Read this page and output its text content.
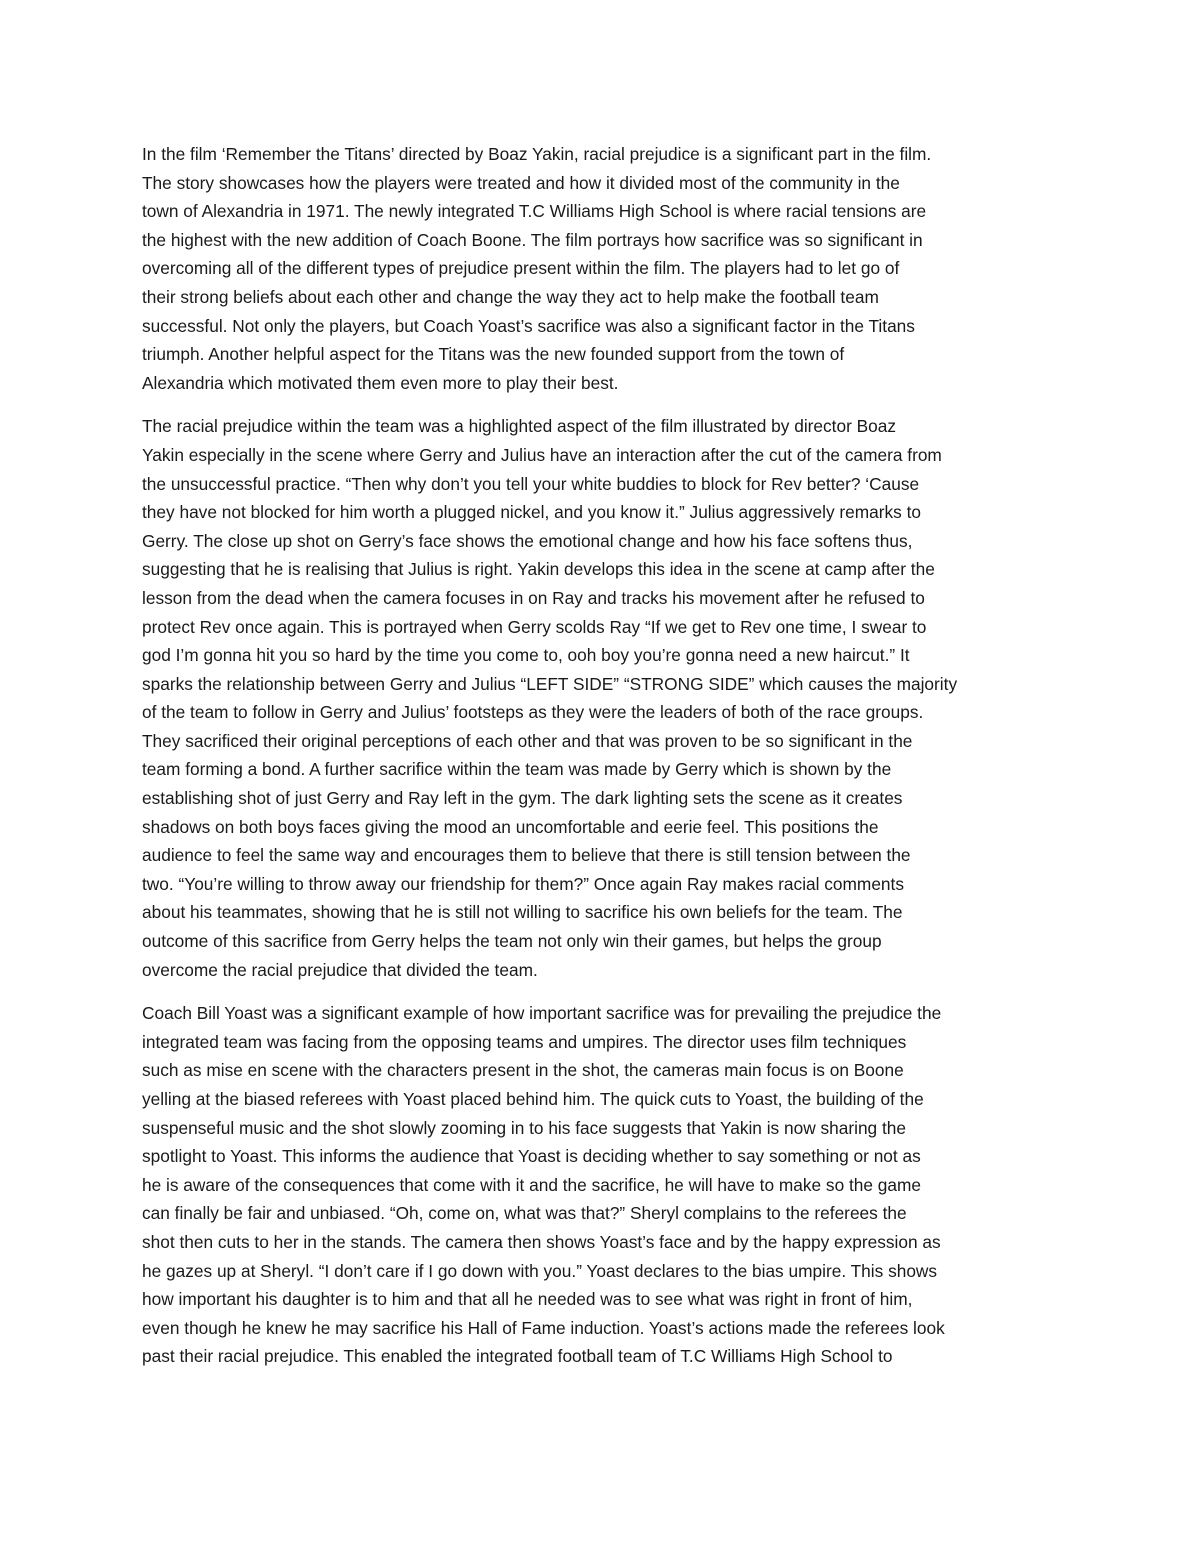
In the film ‘Remember the Titans’ directed by Boaz Yakin, racial prejudice is a significant part in the film.
The story showcases how the players were treated and how it divided most of the community in the
town of Alexandria in 1971. The newly integrated T.C Williams High School is where racial tensions are
the highest with the new addition of Coach Boone. The film portrays how sacrifice was so significant in
overcoming all of the different types of prejudice present within the film. The players had to let go of
their strong beliefs about each other and change the way they act to help make the football team
successful. Not only the players, but Coach Yoast’s sacrifice was also a significant factor in the Titans
triumph. Another helpful aspect for the Titans was the new founded support from the town of
Alexandria which motivated them even more to play their best.

The racial prejudice within the team was a highlighted aspect of the film illustrated by director Boaz
Yakin especially in the scene where Gerry and Julius have an interaction after the cut of the camera from
the unsuccessful practice. “Then why don’t you tell your white buddies to block for Rev better? ‘Cause
they have not blocked for him worth a plugged nickel, and you know it.” Julius aggressively remarks to
Gerry. The close up shot on Gerry’s face shows the emotional change and how his face softens thus,
suggesting that he is realising that Julius is right. Yakin develops this idea in the scene at camp after the
lesson from the dead when the camera focuses in on Ray and tracks his movement after he refused to
protect Rev once again. This is portrayed when Gerry scolds Ray “If we get to Rev one time, I swear to
god I’m gonna hit you so hard by the time you come to, ooh boy you’re gonna need a new haircut.” It
sparks the relationship between Gerry and Julius “LEFT SIDE” “STRONG SIDE” which causes the majority
of the team to follow in Gerry and Julius’ footsteps as they were the leaders of both of the race groups.
They sacrificed their original perceptions of each other and that was proven to be so significant in the
team forming a bond. A further sacrifice within the team was made by Gerry which is shown by the
establishing shot of just Gerry and Ray left in the gym. The dark lighting sets the scene as it creates
shadows on both boys faces giving the mood an uncomfortable and eerie feel. This positions the
audience to feel the same way and encourages them to believe that there is still tension between the
two. “You’re willing to throw away our friendship for them?” Once again Ray makes racial comments
about his teammates, showing that he is still not willing to sacrifice his own beliefs for the team. The
outcome of this sacrifice from Gerry helps the team not only win their games, but helps the group
overcome the racial prejudice that divided the team.

Coach Bill Yoast was a significant example of how important sacrifice was for prevailing the prejudice the
integrated team was facing from the opposing teams and umpires. The director uses film techniques
such as mise en scene with the characters present in the shot, the cameras main focus is on Boone
yelling at the biased referees with Yoast placed behind him. The quick cuts to Yoast, the building of the
suspenseful music and the shot slowly zooming in to his face suggests that Yakin is now sharing the
spotlight to Yoast. This informs the audience that Yoast is deciding whether to say something or not as
he is aware of the consequences that come with it and the sacrifice, he will have to make so the game
can finally be fair and unbiased. “Oh, come on, what was that?” Sheryl complains to the referees the
shot then cuts to her in the stands. The camera then shows Yoast’s face and by the happy expression as
he gazes up at Sheryl. “I don’t care if I go down with you.” Yoast declares to the bias umpire. This shows
how important his daughter is to him and that all he needed was to see what was right in front of him,
even though he knew he may sacrifice his Hall of Fame induction. Yoast’s actions made the referees look
past their racial prejudice. This enabled the integrated football team of T.C Williams High School to
